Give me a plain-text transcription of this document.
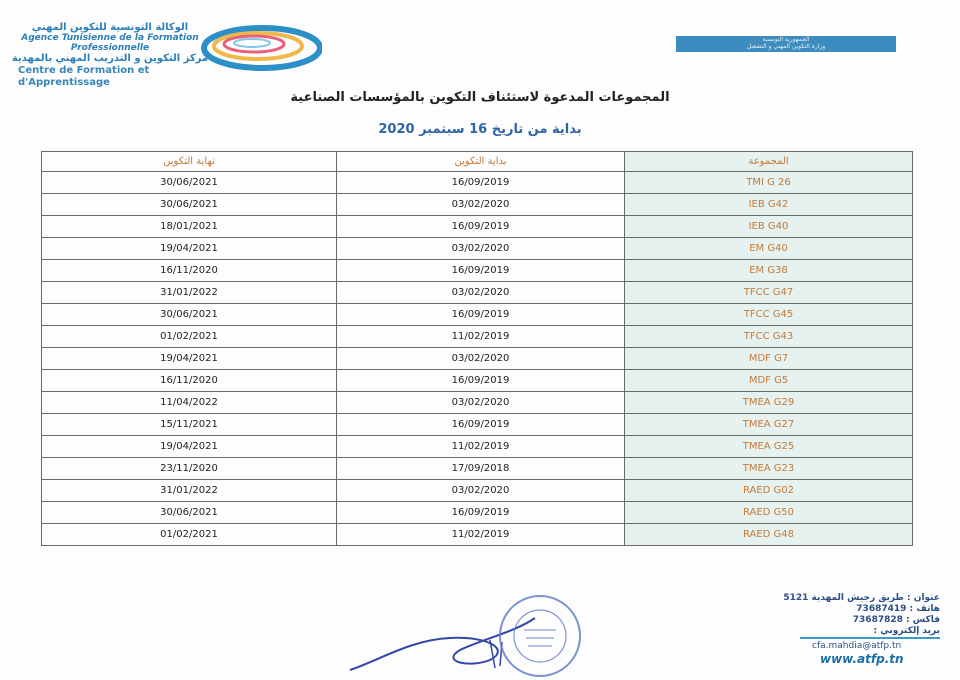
الوكالة التونسية للتكوين المهني
Agence Tunisienne de la Formation Professionnelle
مركز التكوين و التدريب المهني بالمهدية
Centre de Formation et d'Apprentissage
الجمهورية التونسية
وزارة التكوين المهني و التشغيل
المجموعات المدعوة لاستئناف التكوين بالمؤسسات الصناعية
بداية من تاريخ 16 سبتمبر 2020
نهاية التكوين	بداية التكوين	المجموعة
30/06/2021	16/09/2019	TMI G 26
30/06/2021	03/02/2020	IEB G42
18/01/2021	16/09/2019	IEB G40
19/04/2021	03/02/2020	EM G40
16/11/2020	16/09/2019	EM G38
31/01/2022	03/02/2020	TFCC G47
30/06/2021	16/09/2019	TFCC G45
01/02/2021	11/02/2019	TFCC G43
19/04/2021	03/02/2020	MDF G7
16/11/2020	16/09/2019	MDF G5
11/04/2022	03/02/2020	TMEA G29
15/11/2021	16/09/2019	TMEA G27
19/04/2021	11/02/2019	TMEA G25
23/11/2020	17/09/2018	TMEA G23
31/01/2022	03/02/2020	RAED G02
30/06/2021	16/09/2019	RAED G50
01/02/2021	11/02/2019	RAED G48
عنوان : طريق رجيش المهدية 5121
هاتف : 73687419
فاكس : 73687828
بريد إلكتروني :
cfa.mahdia@atfp.tn
www.atfp.tn
